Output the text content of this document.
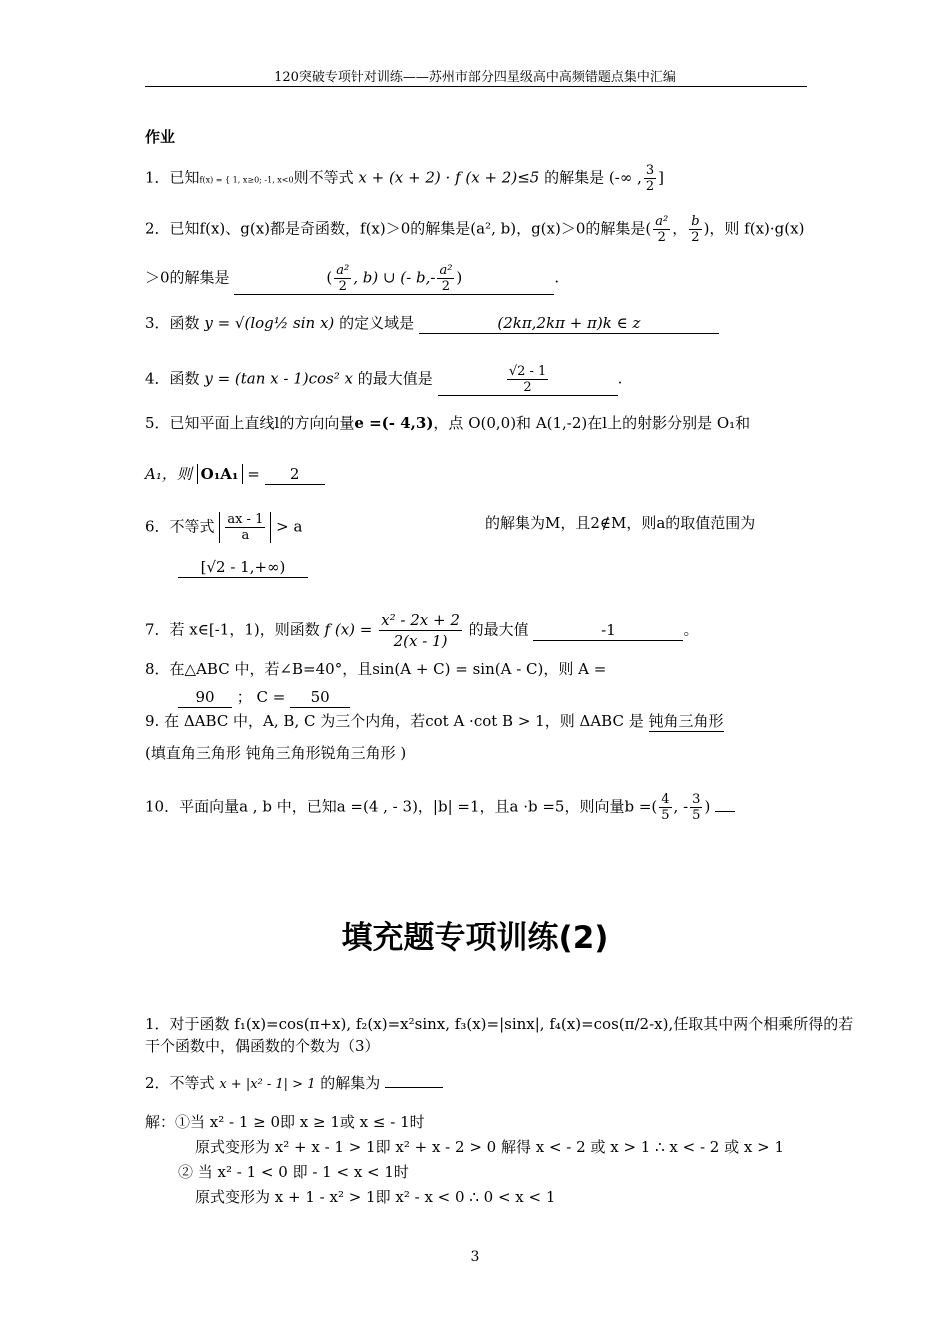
120突破专项针对训练——苏州市部分四星级高中高频错题点集中汇编
作业
1．已知f(x) = { 1, x≥0; -1, x<0则不等式 x + (x + 2) · f (x + 2)≤5 的解集是 (-∞ , $\frac{3}{2}$ ]
2．已知f(x)、g(x)都是奇函数，f(x)＞0的解集是(a², b)，g(x)＞0的解集是( $\frac{\text{a²}}{2}$ ， $\frac{b}{2}$ )，则 f(x)·g(x)
＞0的解集是	( $\frac{\text{a²}}{2}$ , b) ∪ (- $b,- \frac{\text{a²}}{2}$ )	.
3．函数 y = √(log½ sin x) 的定义域是	(2kπ,2kπ + π)k ∈ z
4．函数 y = (tan x - 1)cos² x 的最大值是	$\frac{√2 - 1}{2}$	.
5．已知平面上直线l的方向向量e =(- 4,3)，点 O(0,0)和 A(1,-2)在l上的射影分别是 O₁和
A₁，则 O₁A₁ = 2
6．不等式 $\frac{ax - 1}{a} > a$	的解集为M，且2∉M，则a的取值范围为
[√2 - 1,+∞)
7．若 x∈[-1，1)，则函数 f $(x) = \frac{\text{x² - 2x + 2}}{2(x - 1)}$ 的最大值	-1	。
8．在△ABC 中，若∠B=40°，且sin(A + C) = sin(A - C)，则 A =
90 ； C = 50
9. 在 ΔABC 中，A, B, C 为三个内角，若cot A ·cot B > 1，则 ΔABC 是 钝角三角形
(填直角三角形 钝角三角形锐角三角形 )
10．平面向量a , b 中，已知a =(4 , - 3)，|b| =1，且a ·b =5，则向量b =( $\frac{4}{5}$ , - $\frac{3}{5}$ )
填充题专项训练(2)
1．对于函数 f₁(x)=cos(π+x), f₂(x)=x²sinx, f₃(x)=|sinx|, f₄(x)=cos(π/2-x),任取其中两个相乘所得的若
干个函数中，偶函数的个数为（3）
2．不等式 x + |x² - 1| > 1 的解集为
解：①当 x² - 1 ≥ 0即 x ≥ 1或 x ≤ - 1时
原式变形为 x² + x - 1 > 1即 x² + x - 2 > 0 解得 x < - 2 或 x > 1 ∴ x < - 2 或 x > 1
② 当 x² - 1 < 0 即 - 1 < x < 1时
原式变形为 x + 1 - x² > 1即 x² - x < 0 ∴ 0 < x < 1
3
